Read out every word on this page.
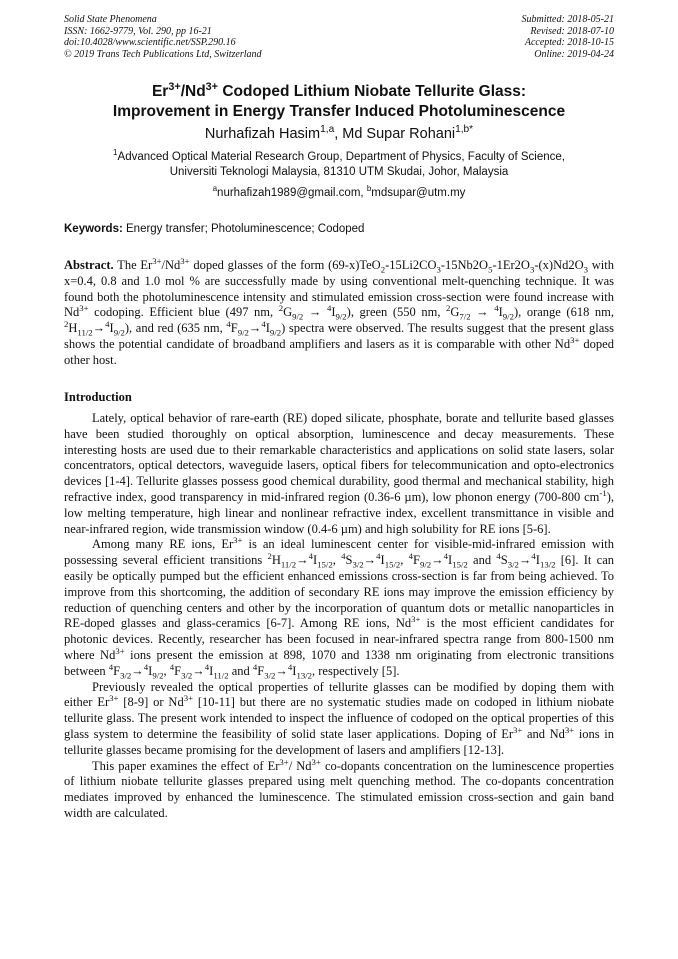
Solid State Phenomena
ISSN: 1662-9779, Vol. 290, pp 16-21
doi:10.4028/www.scientific.net/SSP.290.16
© 2019 Trans Tech Publications Ltd, Switzerland
Submitted: 2018-05-21
Revised: 2018-07-10
Accepted: 2018-10-15
Online: 2019-04-24
$Er^{3+}/Nd^{3+}$ Codoped Lithium Niobate Tellurite Glass:
Improvement in Energy Transfer Induced Photoluminescence
Nurhafizah Hasim$^{1,a}$, Md Supar Rohani$^{1,b*}$
$^1$Advanced Optical Material Research Group, Department of Physics, Faculty of Science,
Universiti Teknologi Malaysia, 81310 UTM Skudai, Johor, Malaysia
$^a$nurhafizah1989@gmail.com, $^b$mdsupar@utm.my
Keywords: Energy transfer; Photoluminescence; Codoped
Abstract. The $Er^{3+}/Nd^{3+}$ doped glasses of the form $(69-x)TeO_2-15Li2CO_3-15Nb2O_5-1Er2O_3-(x)Nd2O_3$ with x=0.4, 0.8 and 1.0 mol % are successfully made by using conventional melt-quenching technique. It was found both the photoluminescence intensity and stimulated emission cross-section were found increase with $Nd^{3+}$ codoping. Efficient blue (497 nm, $^2G_{9/2} \to ^4I_{9/2}$), green (550 nm, $^2G_{7/2} \to ^4I_{9/2}$), orange (618 nm, $^2H_{11/2}\to^4I_{9/2}$), and red (635 nm, $^4F_{9/2}\to^4I_{9/2}$) spectra were observed. The results suggest that the present glass shows the potential candidate of broadband amplifiers and lasers as it is comparable with other $Nd^{3+}$ doped other host.
Introduction

Lately, optical behavior of rare-earth (RE) doped silicate, phosphate, borate and tellurite based glasses have been studied thoroughly on optical absorption, luminescence and decay measurements. These interesting hosts are used due to their remarkable characteristics and applications on solid state lasers, solar concentrators, optical detectors, waveguide lasers, optical fibers for telecommunication and opto-electronics devices [1-4]. Tellurite glasses possess good chemical durability, good thermal and mechanical stability, high refractive index, good transparency in mid-infrared region (0.36-6 µm), low phonon energy (700-800 $cm^{-1}$), low melting temperature, high linear and nonlinear refractive index, excellent transmittance in visible and near-infrared region, wide transmission window (0.4-6 µm) and high solubility for RE ions [5-6].

Among many RE ions, $Er^{3+}$ is an ideal luminescent center for visible-mid-infrared emission with possessing several efficient transitions $^2H_{11/2}\to^4I_{15/2}$, $^4S_{3/2}\to^4I_{15/2}$, $^4F_{9/2}\to^4I_{15/2}$ and $^4S_{3/2}\to^4I_{13/2}$ [6]. It can easily be optically pumped but the efficient enhanced emissions cross-section is far from being achieved. To improve from this shortcoming, the addition of secondary RE ions may improve the emission efficiency by reduction of quenching centers and other by the incorporation of quantum dots or metallic nanoparticles in RE-doped glasses and glass-ceramics [6-7]. Among RE ions, $Nd^{3+}$ is the most efficient candidates for photonic devices. Recently, researcher has been focused in near-infrared spectra range from 800-1500 nm where $Nd^{3+}$ ions present the emission at 898, 1070 and 1338 nm originating from electronic transitions between $^4F_{3/2}\to^4I_{9/2}$, $^4F_{3/2}\to^4I_{11/2}$ and $^4F_{3/2}\to^4I_{13/2}$, respectively [5].

Previously revealed the optical properties of tellurite glasses can be modified by doping them with either $Er^{3+}$ [8-9] or $Nd^{3+}$ [10-11] but there are no systematic studies made on codoped in lithium niobate tellurite glass. The present work intended to inspect the influence of codoped on the optical properties of this glass system to determine the feasibility of solid state laser applications. Doping of $Er^{3+}$ and $Nd^{3+}$ ions in tellurite glasses became promising for the development of lasers and amplifiers [12-13].

This paper examines the effect of $Er^{3+}/$ $Nd^{3+}$ co-dopants concentration on the luminescence properties of lithium niobate tellurite glasses prepared using melt quenching method. The co-dopants concentration mediates improved by enhanced the luminescence. The stimulated emission cross-section and gain band width are calculated.
